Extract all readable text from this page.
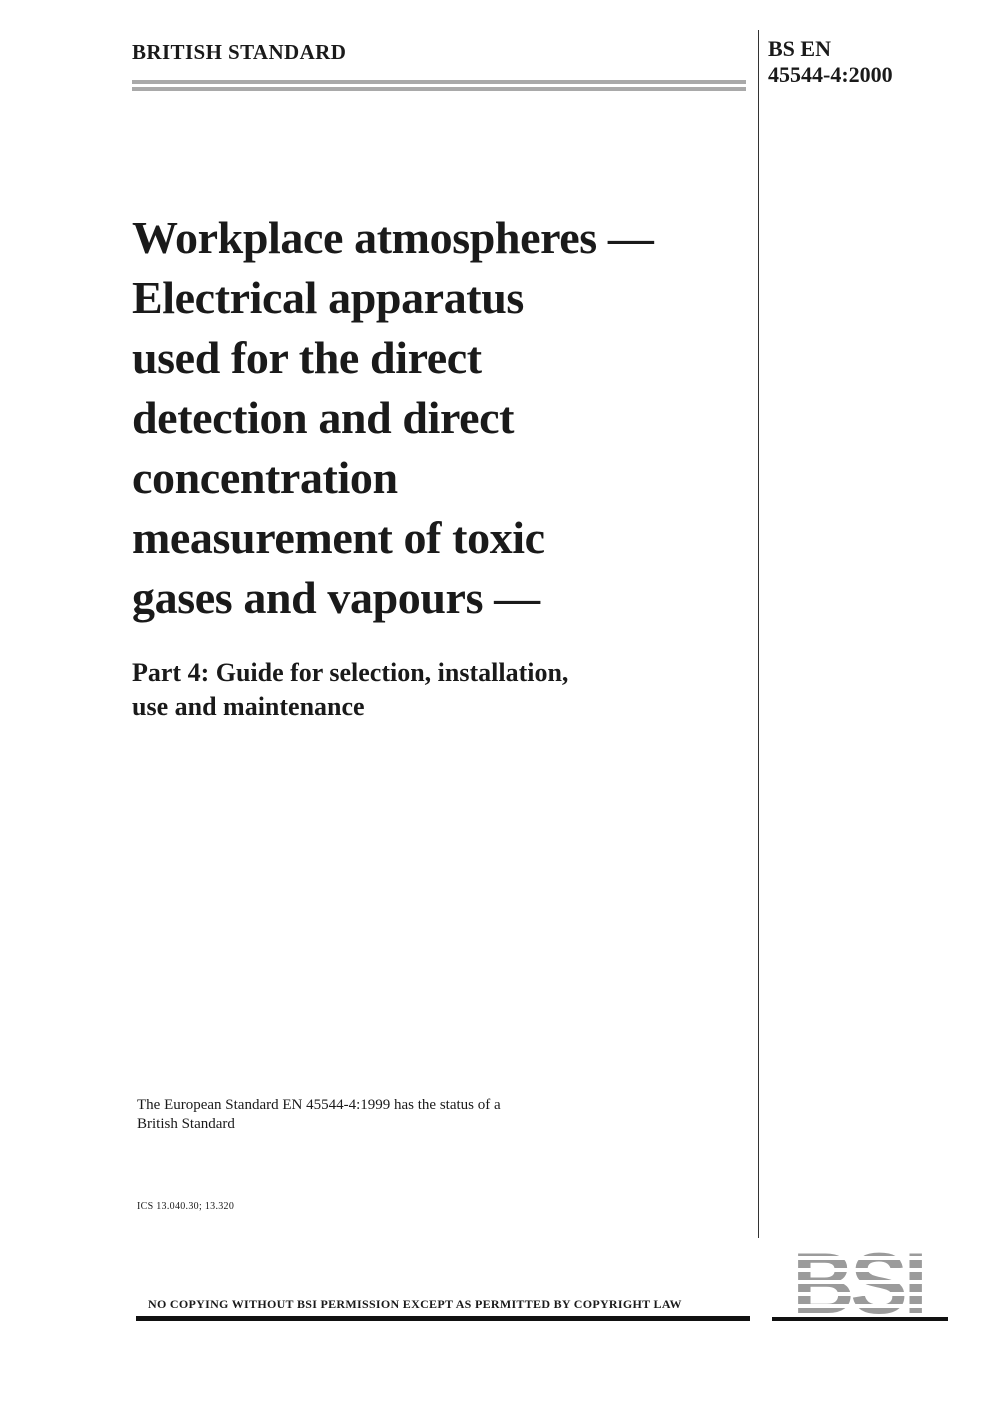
BRITISH STANDARD	BS EN
45544-4:2000
Workplace atmospheres —
Electrical apparatus
used for the direct
detection and direct
concentration
measurement of toxic
gases and vapours —
Part 4: Guide for selection, installation,
use and maintenance
The European Standard EN 45544-4:1999 has the status of a
British Standard
ICS 13.040.30; 13.320
NO COPYING WITHOUT BSI PERMISSION EXCEPT AS PERMITTED BY COPYRIGHT LAW
